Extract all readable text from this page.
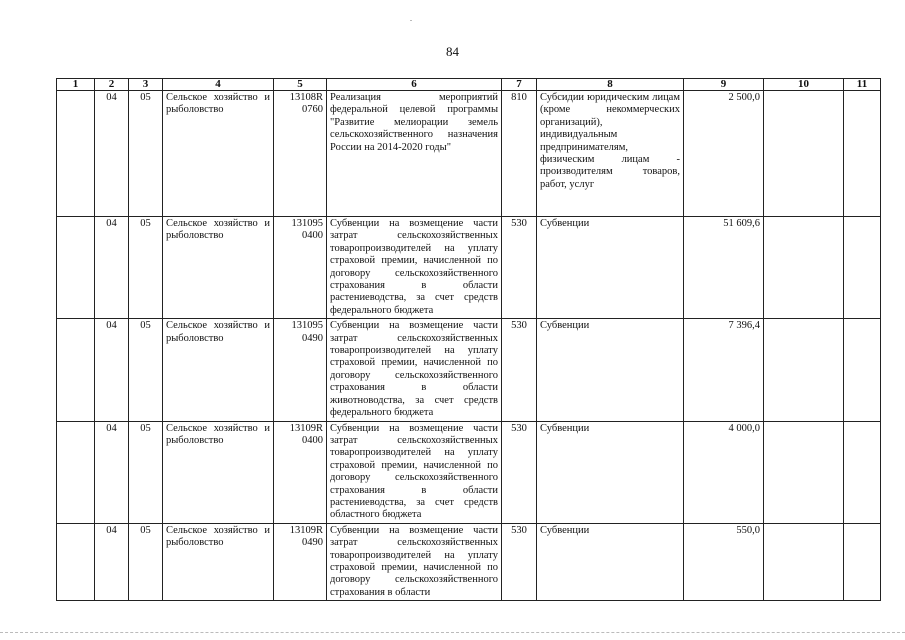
84
1	2	3	4	5	6	7	8	9	10	11
	04	05	Сельское хозяйство и рыболовство	13108R 0760	Реализация мероприятий федеральной целевой программы "Развитие мелиорации земель сельскохозяйственного назначения России на 2014-2020 годы"	810	Субсидии юридическим лицам (кроме некоммерческих организаций), индивидуальным предпринимателям, физическим лицам - производителям товаров, работ, услуг	2 500,0		
	04	05	Сельское хозяйство и рыболовство	131095 0400	Субвенции на возмещение части затрат сельскохозяйственных товаропроизводителей на уплату страховой премии, начисленной по договору сельскохозяйственного страхования в области растениеводства, за счет средств федерального бюджета	530	Субвенции	51 609,6		
	04	05	Сельское хозяйство и рыболовство	131095 0490	Субвенции на возмещение части затрат сельскохозяйственных товаропроизводителей на уплату страховой премии, начисленной по договору сельскохозяйственного страхования в области животноводства, за счет средств федерального бюджета	530	Субвенции	7 396,4		
	04	05	Сельское хозяйство и рыболовство	13109R 0400	Субвенции на возмещение части затрат сельскохозяйственных товаропроизводителей на уплату страховой премии, начисленной по договору сельскохозяйственного страхования в области растениеводства, за счет средств областного бюджета	530	Субвенции	4 000,0		
	04	05	Сельское хозяйство и рыболовство	13109R 0490	Субвенции на возмещение части затрат сельскохозяйственных товаропроизводителей на уплату страховой премии, начисленной по договору сельскохозяйственного страхования в области	530	Субвенции	550,0		
